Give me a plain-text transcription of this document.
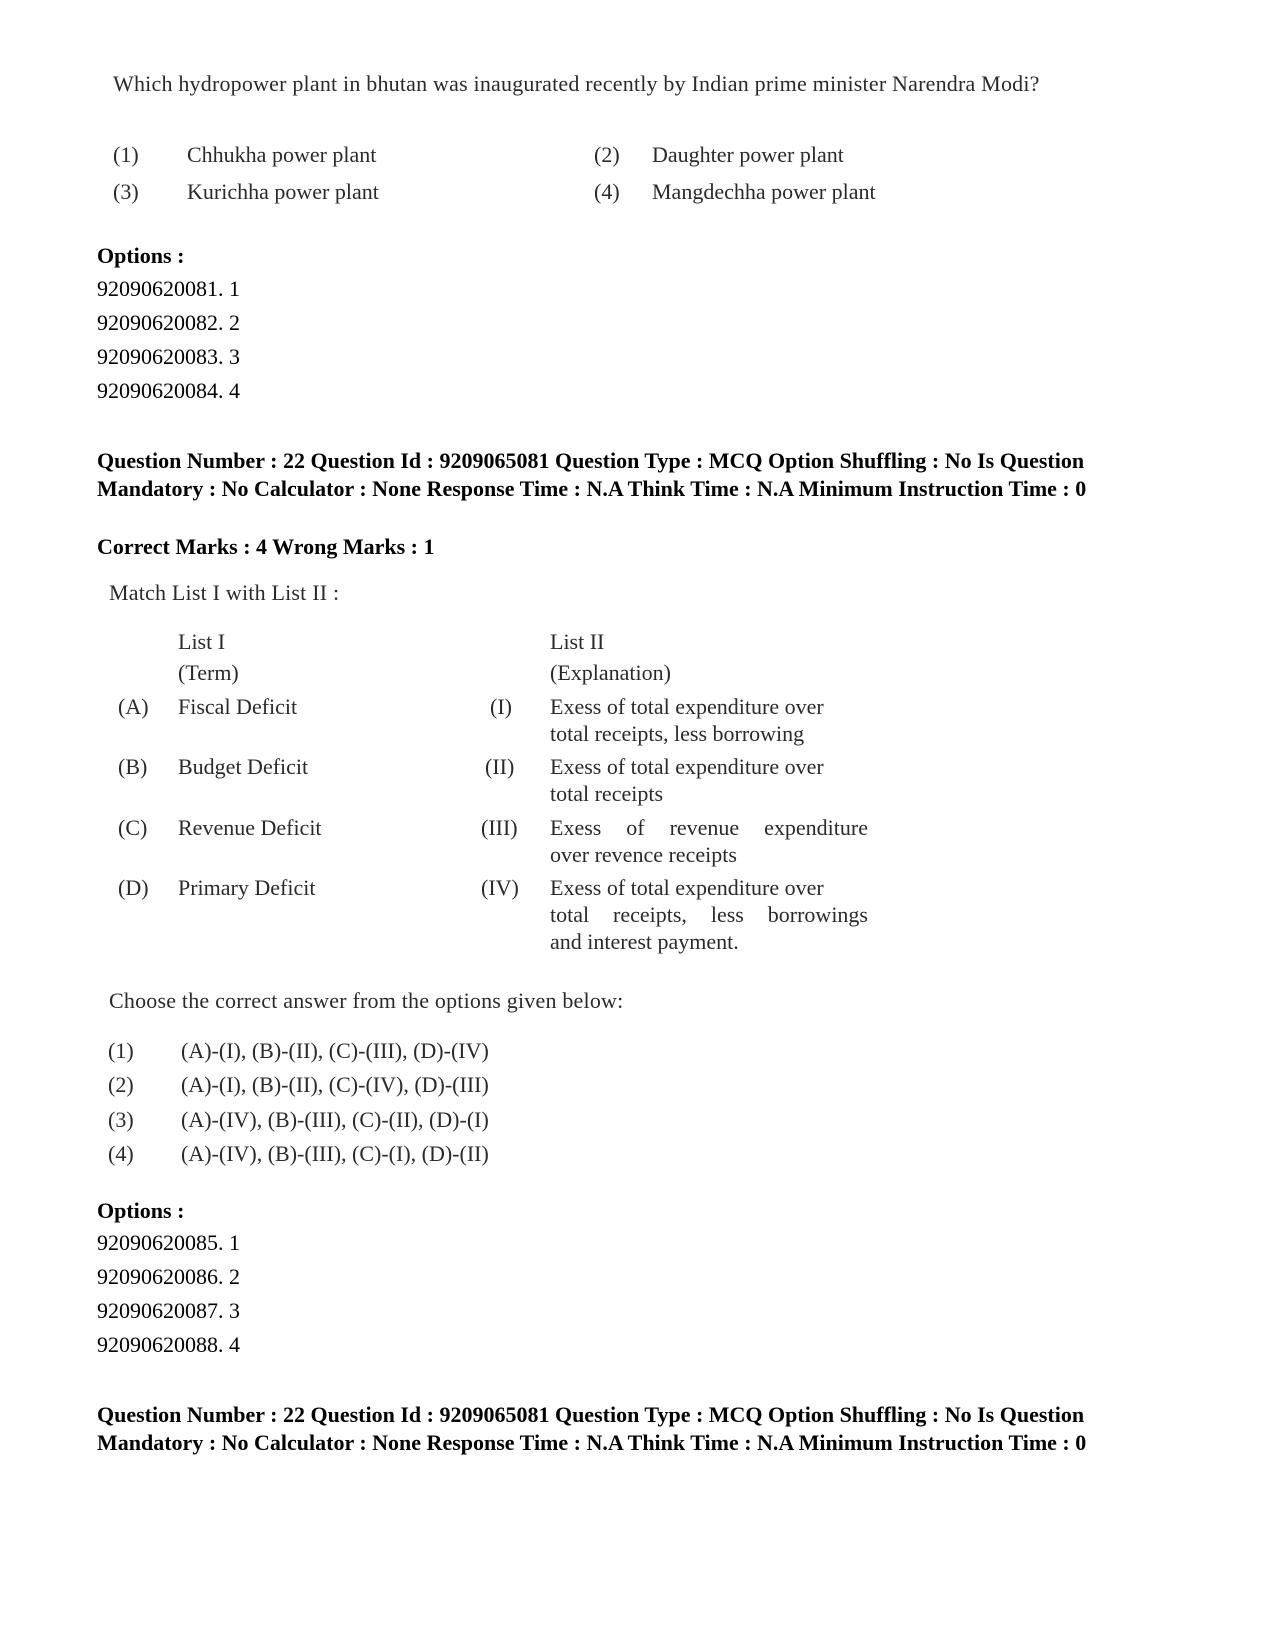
Which hydropower plant in bhutan was inaugurated recently by Indian prime minister Narendra Modi?
(1) Chhukha power plant	(2) Daughter power plant
(3) Kurichha power plant	(4) Mangdechha power plant
Options :
92090620081. 1
92090620082. 2
92090620083. 3
92090620084. 4
Question Number : 22 Question Id : 9209065081 Question Type : MCQ Option Shuffling : No Is Question Mandatory : No Calculator : None Response Time : N.A Think Time : N.A Minimum Instruction Time : 0
Correct Marks : 4 Wrong Marks : 1
Match List I with List II :
List I
(Term)
List II
(Explanation)
(A) Fiscal Deficit	(I) Exess of total expenditure over
total receipts, less borrowing
(B) Budget Deficit	(II) Exess of total expenditure over
total receipts
(C) Revenue Deficit	(III) Exess of revenue expenditure
over revence receipts
(D) Primary Deficit	(IV) Exess of total expenditure over
total receipts, less borrowings
and interest payment.
Choose the correct answer from the options given below:
(1) (A)-(I), (B)-(II), (C)-(III), (D)-(IV)
(2) (A)-(I), (B)-(II), (C)-(IV), (D)-(III)
(3) (A)-(IV), (B)-(III), (C)-(II), (D)-(I)
(4) (A)-(IV), (B)-(III), (C)-(I), (D)-(II)
Options :
92090620085. 1
92090620086. 2
92090620087. 3
92090620088. 4
Question Number : 22 Question Id : 9209065081 Question Type : MCQ Option Shuffling : No Is Question Mandatory : No Calculator : None Response Time : N.A Think Time : N.A Minimum Instruction Time : 0
